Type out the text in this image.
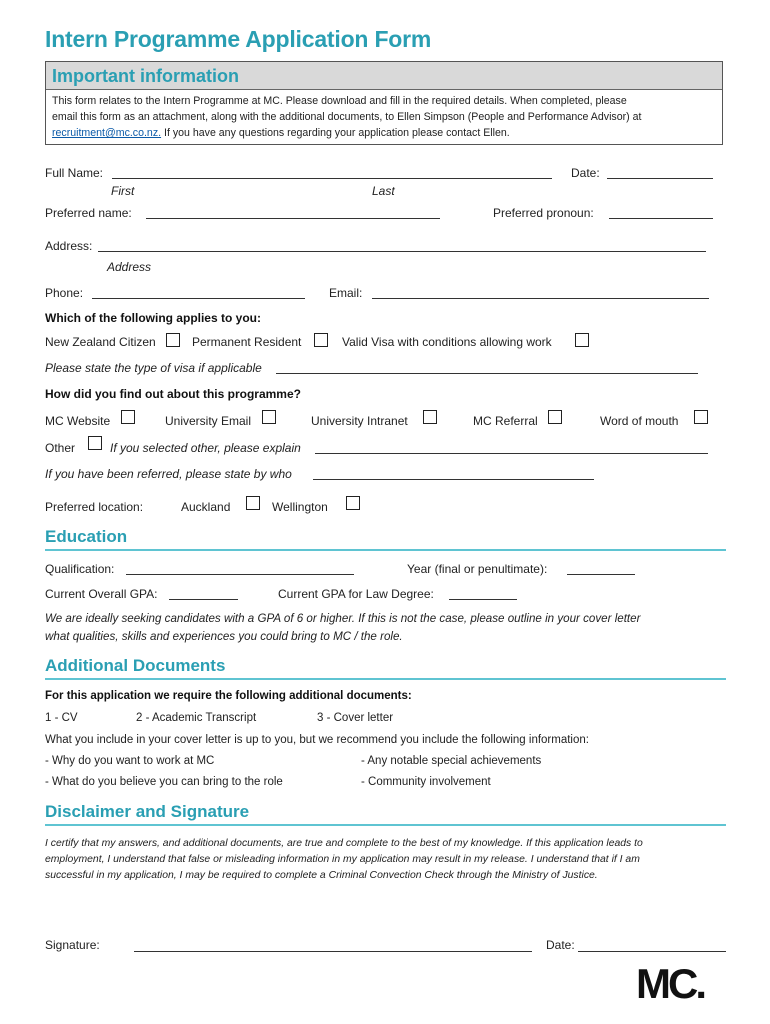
Intern Programme Application Form
Important information
This form relates to the Intern Programme at MC. Please download and fill in the required details. When completed, please
email this form as an attachment, along with the additional documents, to Ellen Simpson (People and Performance Advisor) at
recruitment@mc.co.nz. If you have any questions regarding your application please contact Ellen.
Full Name:	Date:
First	Last
Preferred name:	Preferred pronoun:
Address:
Address
Phone:	Email:
Which of the following applies to you:
New Zealand Citizen	Permanent Resident	Valid Visa with conditions allowing work
Please state the type of visa if applicable
How did you find out about this programme?
MC Website	University Email	University Intranet	MC Referral	Word of mouth
Other	If you selected other, please explain
If you have been referred, please state by who
Preferred location:	Auckland	Wellington
Education
Qualification:	Year (final or penultimate):
Current Overall GPA:	Current GPA for Law Degree:
We are ideally seeking candidates with a GPA of 6 or higher. If this is not the case, please outline in your cover letter
what qualities, skills and experiences you could bring to MC / the role.
Additional Documents
For this application we require the following additional documents:
1 - CV	2 - Academic Transcript	3 - Cover letter
What you include in your cover letter is up to you, but we recommend you include the following information:
- Why do you want to work at MC	- Any notable special achievements
- What do you believe you can bring to the role	- Community involvement
Disclaimer and Signature
I certify that my answers, and additional documents, are true and complete to the best of my knowledge. If this application leads to
employment, I understand that false or misleading information in my application may result in my release. I understand that if I am
successful in my application, I may be required to complete a Criminal Convection Check through the Ministry of Justice.
Signature:	Date:
MC.
